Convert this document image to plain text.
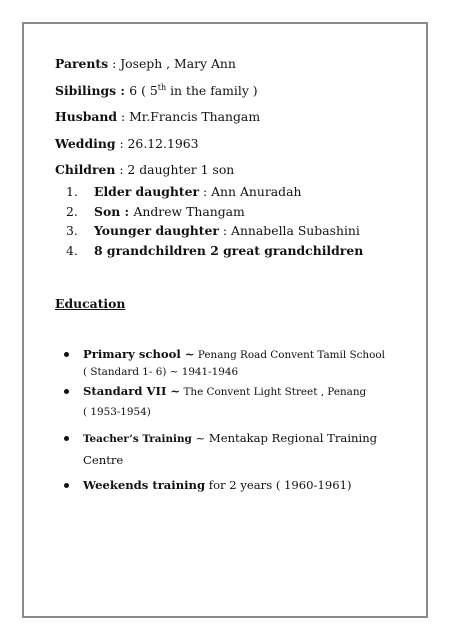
Parents : Joseph , Mary Ann
Sibilings : 6 ( 5th in the family )
Husband : Mr.Francis Thangam
Wedding : 26.12.1963
Children : 2 daughter 1 son
1. Elder daughter : Ann Anuradah
2. Son : Andrew Thangam
3. Younger daughter : Annabella Subashini
4. 8 grandchildren 2 great grandchildren
Education
Primary school ~ Penang Road Convent Tamil School ( Standard 1- 6) ~ 1941-1946
Standard VII ~ The Convent Light Street , Penang
( 1953-1954)
Teacher’s Training ~ Mentakap Regional Training Centre
Weekends training for 2 years ( 1960-1961)
